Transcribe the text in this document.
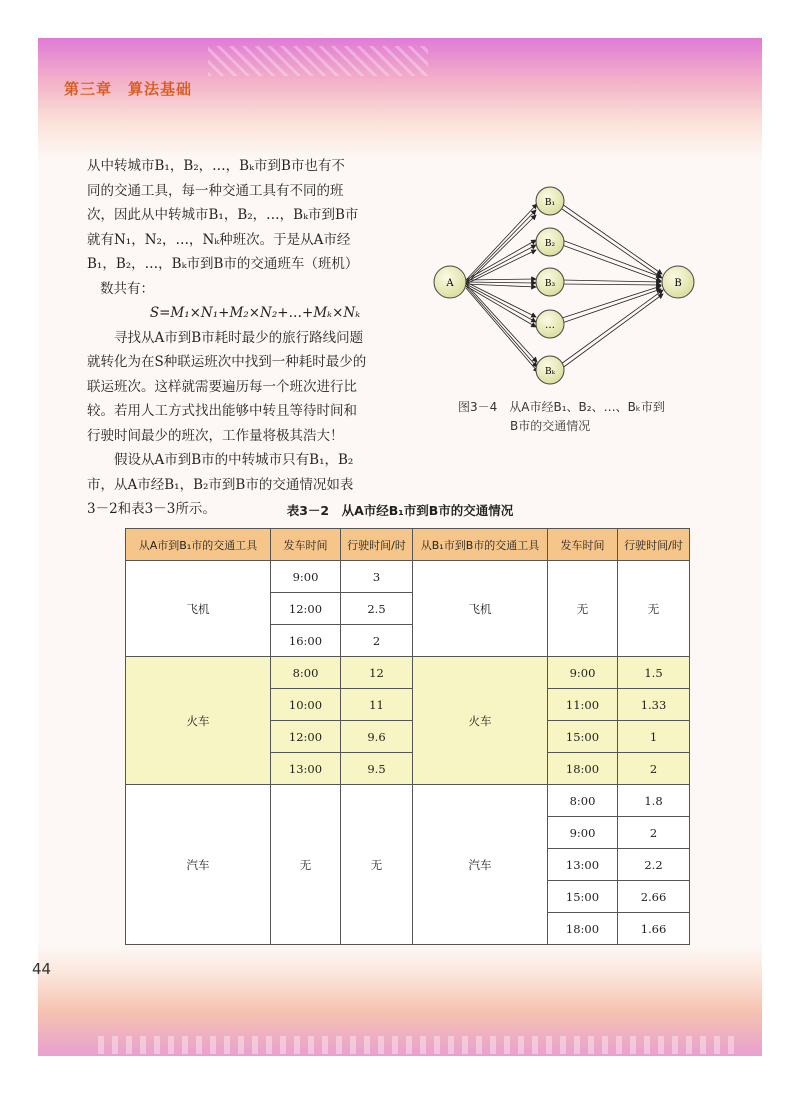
第三章　算法基础

从中转城市B₁，B₂，…，Bₖ市到B市也有不

同的交通工具，每一种交通工具有不同的班

次，因此从中转城市B₁，B₂，…，Bₖ市到B市

就有N₁，N₂，…，Nₖ种班次。于是从A市经

B₁，B₂，…，Bₖ市到B市的交通班车（班机）

数共有：

S=M₁×N₁+M₂×N₂+…+Mₖ×Nₖ

寻找从A市到B市耗时最少的旅行路线问题

就转化为在S种联运班次中找到一种耗时最少的

联运班次。这样就需要遍历每一个班次进行比

较。若用人工方式找出能够中转且等待时间和

行驶时间最少的班次，工作量将极其浩大！

假设从A市到B市的中转城市只有B₁，B₂

市，从A市经B₁，B₂市到B市的交通情况如表

3－2和表3－3所示。

A
B₁
B₂
B₃
…
Bₖ
B
图3－4　从A市经B₁、B₂、…、Bₖ市到
B市的交通情况
表3－2　从A市经B₁市到B市的交通情况
从A市到B₁市的交通工具	发车时间	行驶时间/时	从B₁市到B市的交通工具	发车时间	行驶时间/时
飞机	9:00	3	飞机	无	无
	12:00	2.5			
	16:00	2			
火车	8:00	12	火车	9:00	1.5
	10:00	11		11:00	1.33
	12:00	9.6		15:00	1
	13:00	9.5		18:00	2
汽车	无	无	汽车	8:00	1.8
				9:00	2
				13:00	2.2
				15:00	2.66
				18:00	1.66
44
